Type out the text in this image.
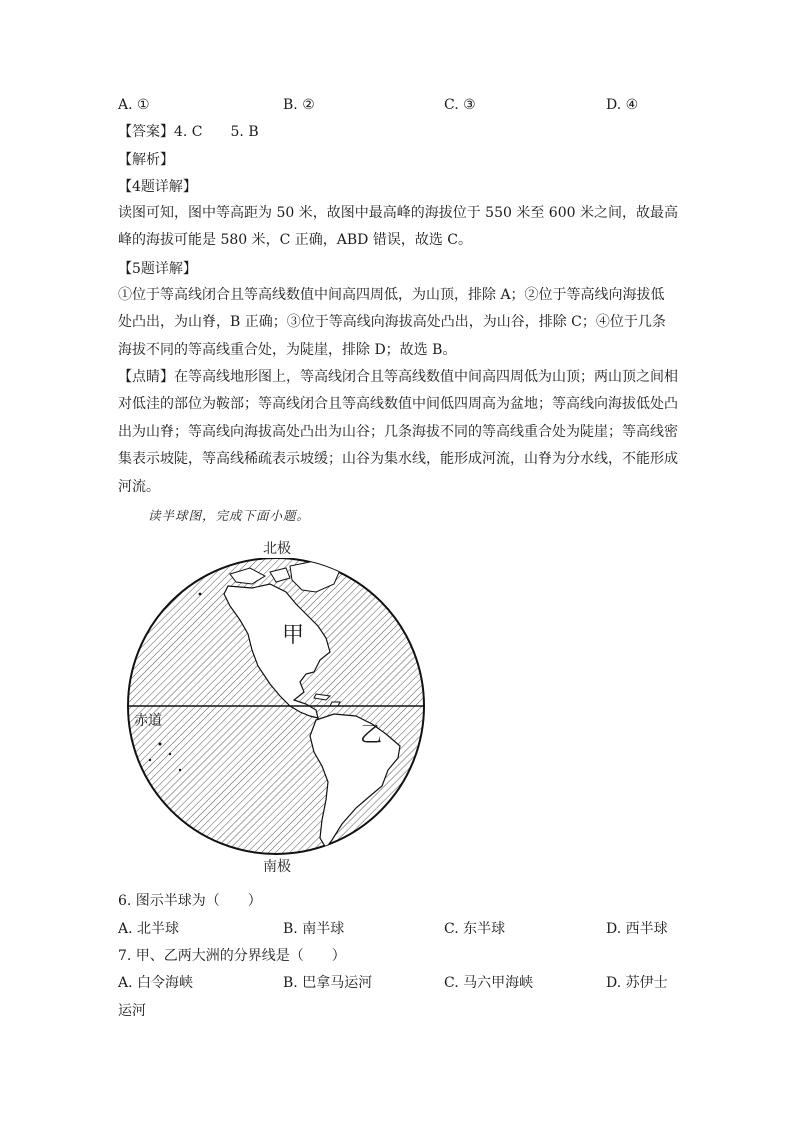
A. ①	B. ②	C. ③	D. ④
【答案】4. C　　5. B
【解析】
【4题详解】
读图可知，图中等高距为 50 米，故图中最高峰的海拔位于 550 米至 600 米之间，故最高峰的海拔可能是 580 米，C 正确，ABD 错误，故选 C。
【5题详解】
①位于等高线闭合且等高线数值中间高四周低，为山顶，排除 A；②位于等高线向海拔低处凸出，为山脊，B 正确；③位于等高线向海拔高处凸出，为山谷，排除 C；④位于几条海拔不同的等高线重合处，为陡崖，排除 D；故选 B。
【点睛】在等高线地形图上，等高线闭合且等高线数值中间高四周低为山顶；两山顶之间相对低洼的部位为鞍部；等高线闭合且等高线数值中间低四周高为盆地；等高线向海拔低处凸出为山脊；等高线向海拔高处凸出为山谷；几条海拔不同的等高线重合处为陡崖；等高线密集表示坡陡，等高线稀疏表示坡缓；山谷为集水线，能形成河流，山脊为分水线，不能形成河流。
读半球图，完成下面小题。
北极
南极
赤道
甲
乙
6. 图示半球为（　　）
A. 北半球	B. 南半球	C. 东半球	D. 西半球
7. 甲、乙两大洲的分界线是（　　）
A. 白令海峡	B. 巴拿马运河	C. 马六甲海峡	D. 苏伊士
运河
